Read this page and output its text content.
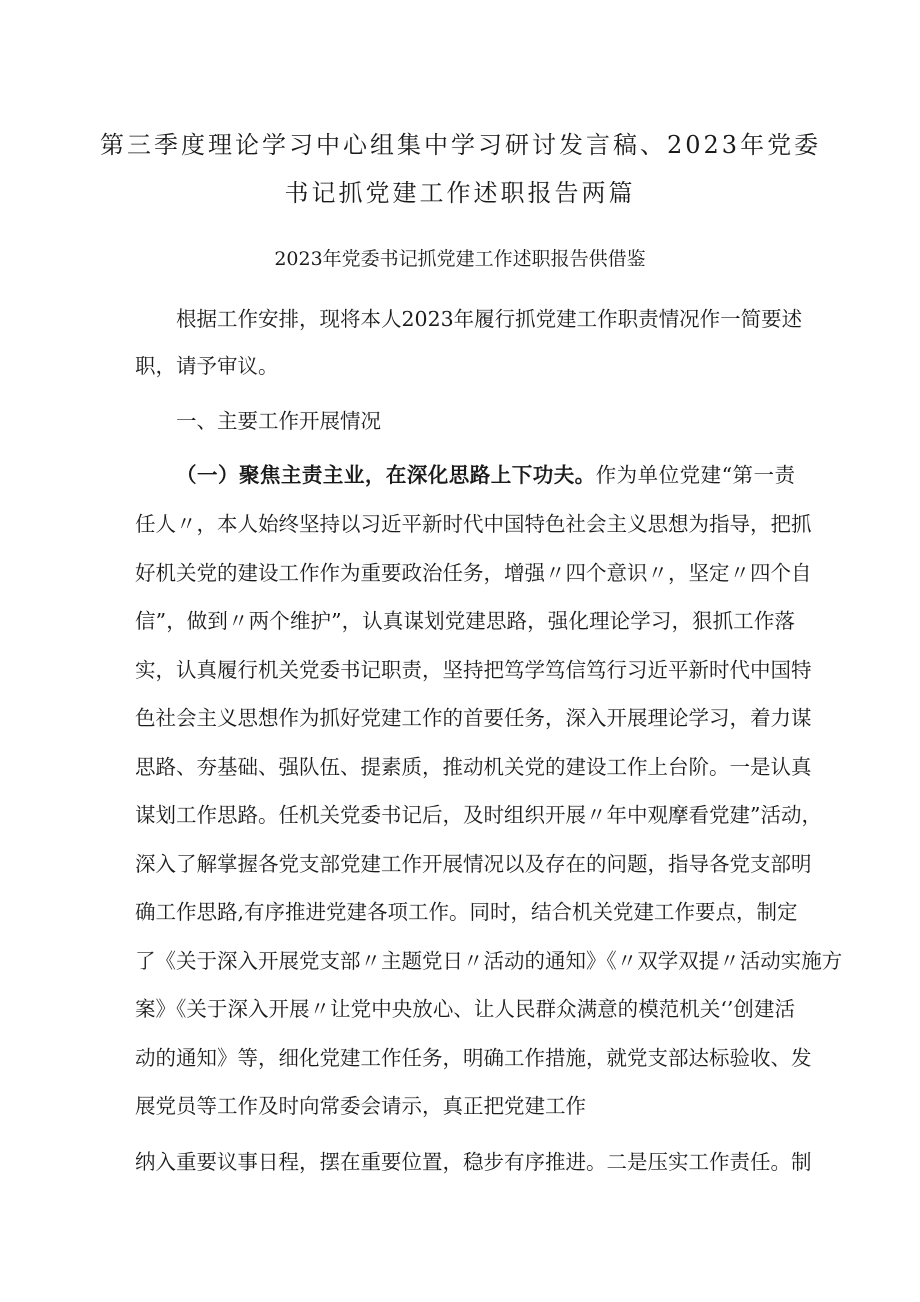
第三季度理论学习中心组集中学习研讨发言稿、2023年党委
书记抓党建工作述职报告两篇
2023年党委书记抓党建工作述职报告供借鉴
根据工作安排，现将本人2023年履行抓党建工作职责情况作一简要述
职，请予审议。
一、主要工作开展情况
（一）聚焦主责主业，在深化思路上下功夫。作为单位党建“第一责
任人〃，本人始终坚持以习近平新时代中国特色社会主义思想为指导，把抓
好机关党的建设工作作为重要政治任务，增强〃四个意识〃，坚定〃四个自
信”，做到〃两个维护”，认真谋划党建思路，强化理论学习，狠抓工作落
实，认真履行机关党委书记职责，坚持把笃学笃信笃行习近平新时代中国特
色社会主义思想作为抓好党建工作的首要任务，深入开展理论学习，着力谋
思路、夯基础、强队伍、提素质，推动机关党的建设工作上台阶。一是认真
谋划工作思路。任机关党委书记后，及时组织开展〃年中观摩看党建”活动，
深入了解掌握各党支部党建工作开展情况以及存在的问题，指导各党支部明
确工作思路,有序推进党建各项工作。同时，结合机关党建工作要点，制定
了《关于深入开展党支部〃主题党日〃活动的通知》《〃双学双提〃活动实施方
案》《关于深入开展〃让党中央放心、让人民群众满意的模范机关‘’创建活
动的通知》等，细化党建工作任务，明确工作措施，就党支部达标验收、发
展党员等工作及时向常委会请示，真正把党建工作
纳入重要议事日程，摆在重要位置，稳步有序推进。二是压实工作责任。制
